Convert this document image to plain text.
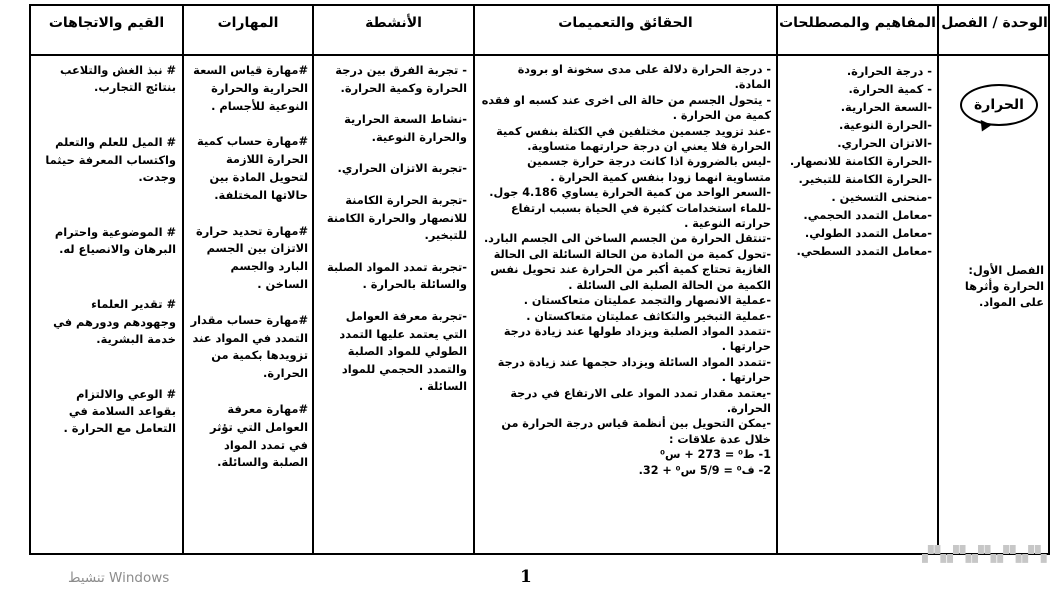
الوحدة / الفصل
المفاهيم والمصطلحات
الحقائق والتعميمات
الأنشطة
المهارات
القيم والاتجاهات
الحرارة
الفصل الأول: الحرارة وأثرها على المواد.

- درجة الحرارة.

- كمية الحرارة.

-السعة الحرارية.

-الحرارة النوعية.

-الاتزان الحراري.

-الحرارة الكامنة للانصهار.

-الحرارة الكامنة للتبخير.

-منحنى التسخين .

-معامل التمدد الحجمي.

-معامل التمدد الطولي.

-معامل التمدد السطحي.

- درجة الحرارة دلالة على مدى سخونة او برودة المادة.

- يتحول الجسم من حالة الى اخرى عند كسبه او فقده كمية من الحرارة .

-عند تزويد جسمين مختلفين في الكتلة بنفس كمية الحرارة فلا يعني ان درجة حرارتهما متساوية.

-ليس بالضرورة اذا كانت درجة حرارة جسمين متساوية انهما زودا بنفس كمية الحرارة .

-السعر الواحد من كمية الحرارة يساوي 4.186 جول.

-للماء استخدامات كثيرة في الحياة بسبب ارتفاع حرارته النوعية .

-تنتقل الحرارة من الجسم الساخن الى الجسم البارد.

-تحول كمية من المادة من الحالة السائلة الى الحالة الغازية تحتاج كمية أكبر من الحرارة عند تحويل نفس الكمية من الحالة الصلبة الى السائلة .

-عملية الانصهار والتجمد عمليتان متعاكستان .

-عملية التبخير والتكاثف عمليتان متعاكستان .

-تتمدد المواد الصلبة ويزداد طولها عند زيادة درجة حرارتها .

-تتمدد المواد السائلة ويزداد حجمها عند زيادة درجة حرارتها .

-يعتمد مقدار تمدد المواد على الارتفاع في درجة الحرارة.

-يمكن التحويل بين أنظمة قياس درجة الحرارة من خلال عدة علاقات :

1- ط⁰ = 273 + س⁰

2- ف⁰ = 5/9 س⁰ + 32.

- تجربة الفرق بين درجة الحرارة وكمية الحرارة.

-نشاط السعة الحرارية والحرارة النوعية.

-تجربة الاتزان الحراري.

-تجربة الحرارة الكامنة للانصهار والحرارة الكامنة للتبخير.

-تجربة تمدد المواد الصلبة والسائلة بالحرارة .

-تجربة معرفة العوامل التي يعتمد عليها التمدد الطولي للمواد الصلبة والتمدد الحجمي للمواد السائلة .

#مهارة قياس السعة الحرارية والحرارة النوعية للأجسام .

#مهارة حساب كمية الحرارة اللازمة لتحويل المادة بين حالاتها المختلفة.

#مهارة تحديد حرارة الاتزان بين الجسم البارد والجسم الساخن .

#مهارة حساب مقدار التمدد في المواد عند تزويدها بكمية من الحرارة.

#مهارة معرفة العوامل التي تؤثر في تمدد المواد الصلبة والسائلة.

# نبذ الغش والتلاعب بنتائج التجارب.

# الميل للعلم والتعلم واكتساب المعرفة حيثما وجدت.

# الموضوعية واحترام البرهان والانصياع له.

# تقدير العلماء وجهودهم ودورهم في خدمة البشرية.

# الوعي والالتزام بقواعد السلامة في التعامل مع الحرارة .

تنشيط Windows	1
▞▚▞▚▞▚▞▚▞▚
